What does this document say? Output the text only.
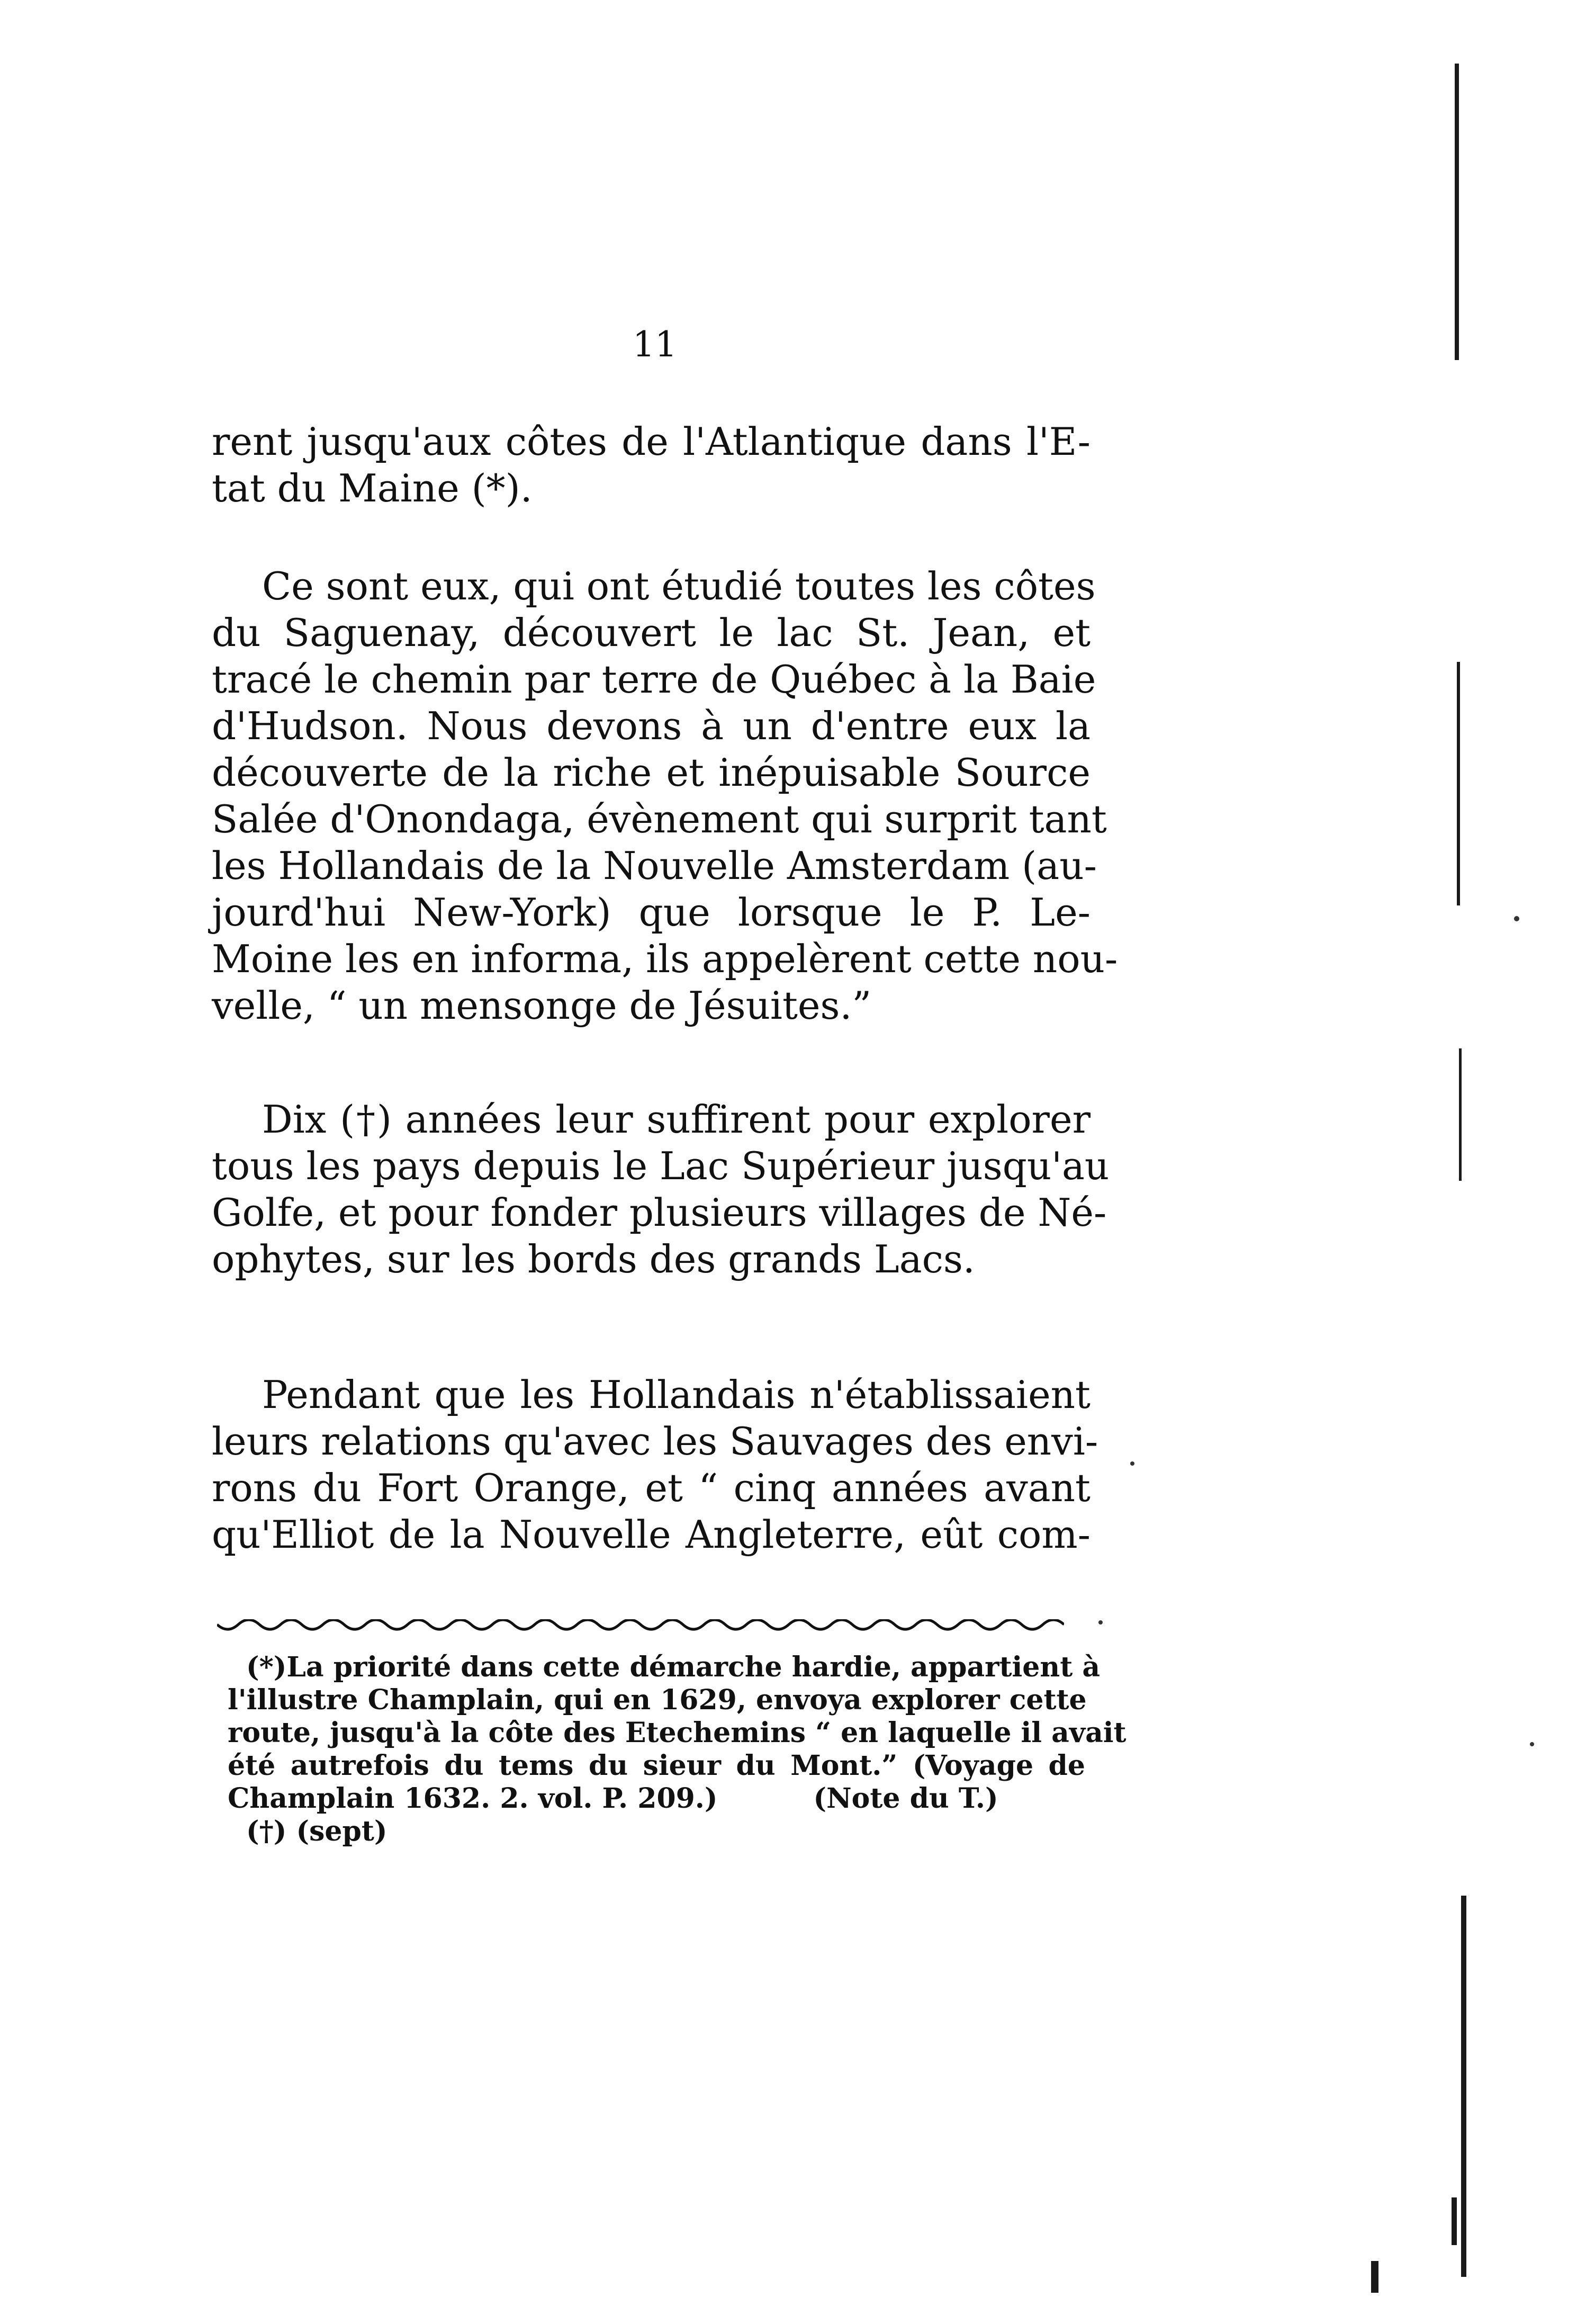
11
rent jusqu'aux côtes de l'Atlantique dans l'E-
tat du Maine (*).
Ce sont eux, qui ont étudié toutes les côtes
du Saguenay, découvert le lac St. Jean, et
tracé le chemin par terre de Québec à la Baie
d'Hudson. Nous devons à un d'entre eux la
découverte de la riche et inépuisable Source
Salée d'Onondaga, évènement qui surprit tant
les Hollandais de la Nouvelle Amsterdam (au-
jourd'hui New-York) que lorsque le P. Le-
Moine les en informa, ils appelèrent cette nou-
velle, “ un mensonge de Jésuites.”
Dix (†) années leur suffirent pour explorer
tous les pays depuis le Lac Supérieur jusqu'au
Golfe, et pour fonder plusieurs villages de Né-
ophytes, sur les bords des grands Lacs.
Pendant que les Hollandais n'établissaient
leurs relations qu'avec les Sauvages des envi-
rons du Fort Orange, et “ cinq années avant
qu'Elliot de la Nouvelle Angleterre, eût com-
(*)La priorité dans cette démarche hardie, appartient à
l'illustre Champlain, qui en 1629, envoya explorer cette
route, jusqu'à la côte des Etechemins “ en laquelle il avait
été autrefois du tems du sieur du Mont.” (Voyage de
Champlain 1632. 2. vol. P. 209.)          (Note du T.)
(†) (sept)
